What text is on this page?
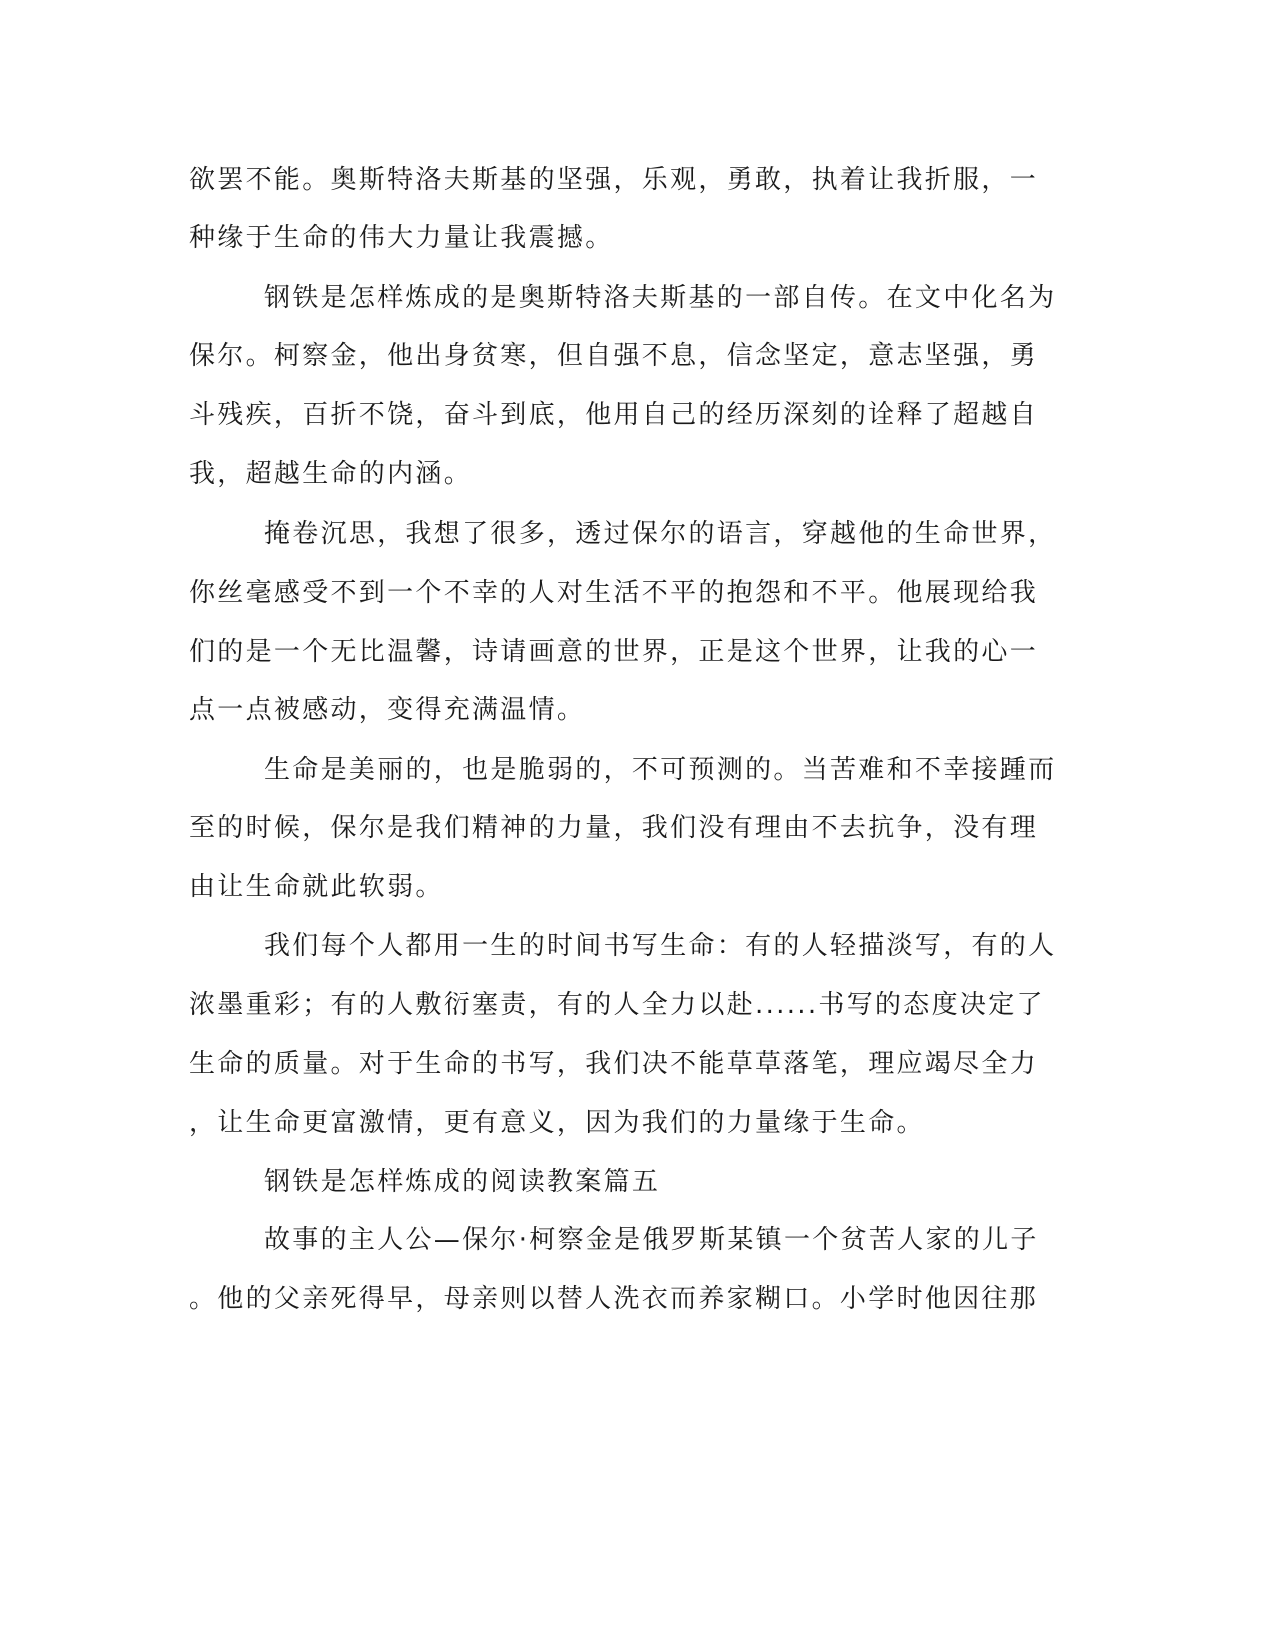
欲罢不能。奥斯特洛夫斯基的坚强，乐观，勇敢，执着让我折服，一
种缘于生命的伟大力量让我震撼。
钢铁是怎样炼成的是奥斯特洛夫斯基的一部自传。在文中化名为
保尔。柯察金，他出身贫寒，但自强不息，信念坚定，意志坚强，勇
斗残疾，百折不饶，奋斗到底，他用自己的经历深刻的诠释了超越自
我，超越生命的内涵。
掩卷沉思，我想了很多，透过保尔的语言，穿越他的生命世界，
你丝毫感受不到一个不幸的人对生活不平的抱怨和不平。他展现给我
们的是一个无比温馨，诗请画意的世界，正是这个世界，让我的心一
点一点被感动，变得充满温情。
生命是美丽的，也是脆弱的，不可预测的。当苦难和不幸接踵而
至的时候，保尔是我们精神的力量，我们没有理由不去抗争，没有理
由让生命就此软弱。
我们每个人都用一生的时间书写生命：有的人轻描淡写，有的人
浓墨重彩；有的人敷衍塞责，有的人全力以赴......书写的态度决定了
生命的质量。对于生命的书写，我们决不能草草落笔，理应竭尽全力
，让生命更富激情，更有意义，因为我们的力量缘于生命。
钢铁是怎样炼成的阅读教案篇五
故事的主人公—保尔·柯察金是俄罗斯某镇一个贫苦人家的儿子
。他的父亲死得早，母亲则以替人洗衣而养家糊口。小学时他因往那
